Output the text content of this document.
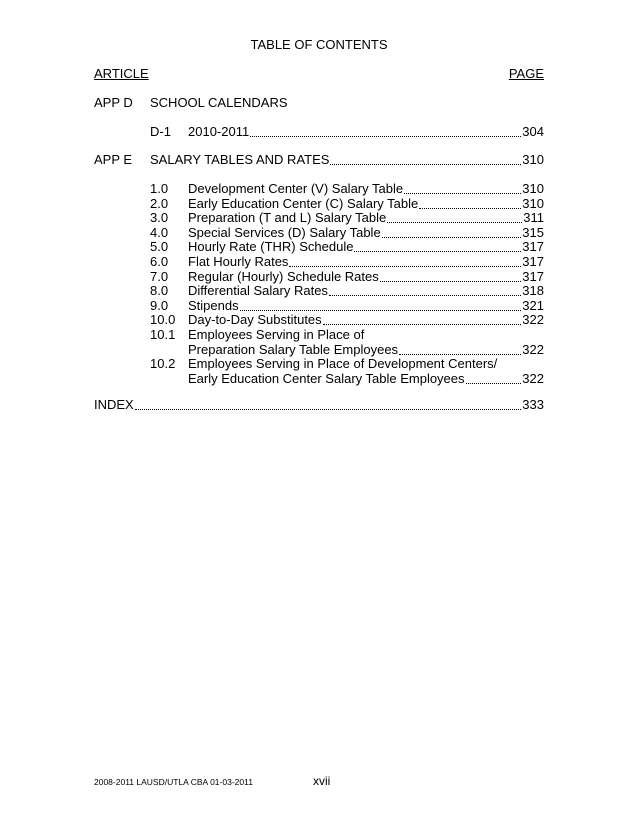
TABLE OF CONTENTS
ARTICLE	PAGE
APP D SCHOOL CALENDARS
D-1	2010-2011	304
APP E SALARY TABLES AND RATES	310
1.0	Development Center (V) Salary Table	310
2.0	Early Education Center (C) Salary Table	310
3.0	Preparation (T and L) Salary Table	311
4.0	Special Services (D) Salary Table	315
5.0	Hourly Rate (THR) Schedule	317
6.0	Flat Hourly Rates	317
7.0	Regular (Hourly) Schedule Rates	317
8.0	Differential Salary Rates	318
9.0	Stipends	321
10.0 Day-to-Day Substitutes	322
10.1 Employees Serving in Place of
Preparation Salary Table Employees	322
10.2 Employees Serving in Place of Development Centers/
Early Education Center Salary Table Employees	322
INDEX	333
2008-2011 LAUSD/UTLA CBA 01-03-2011	xvii
